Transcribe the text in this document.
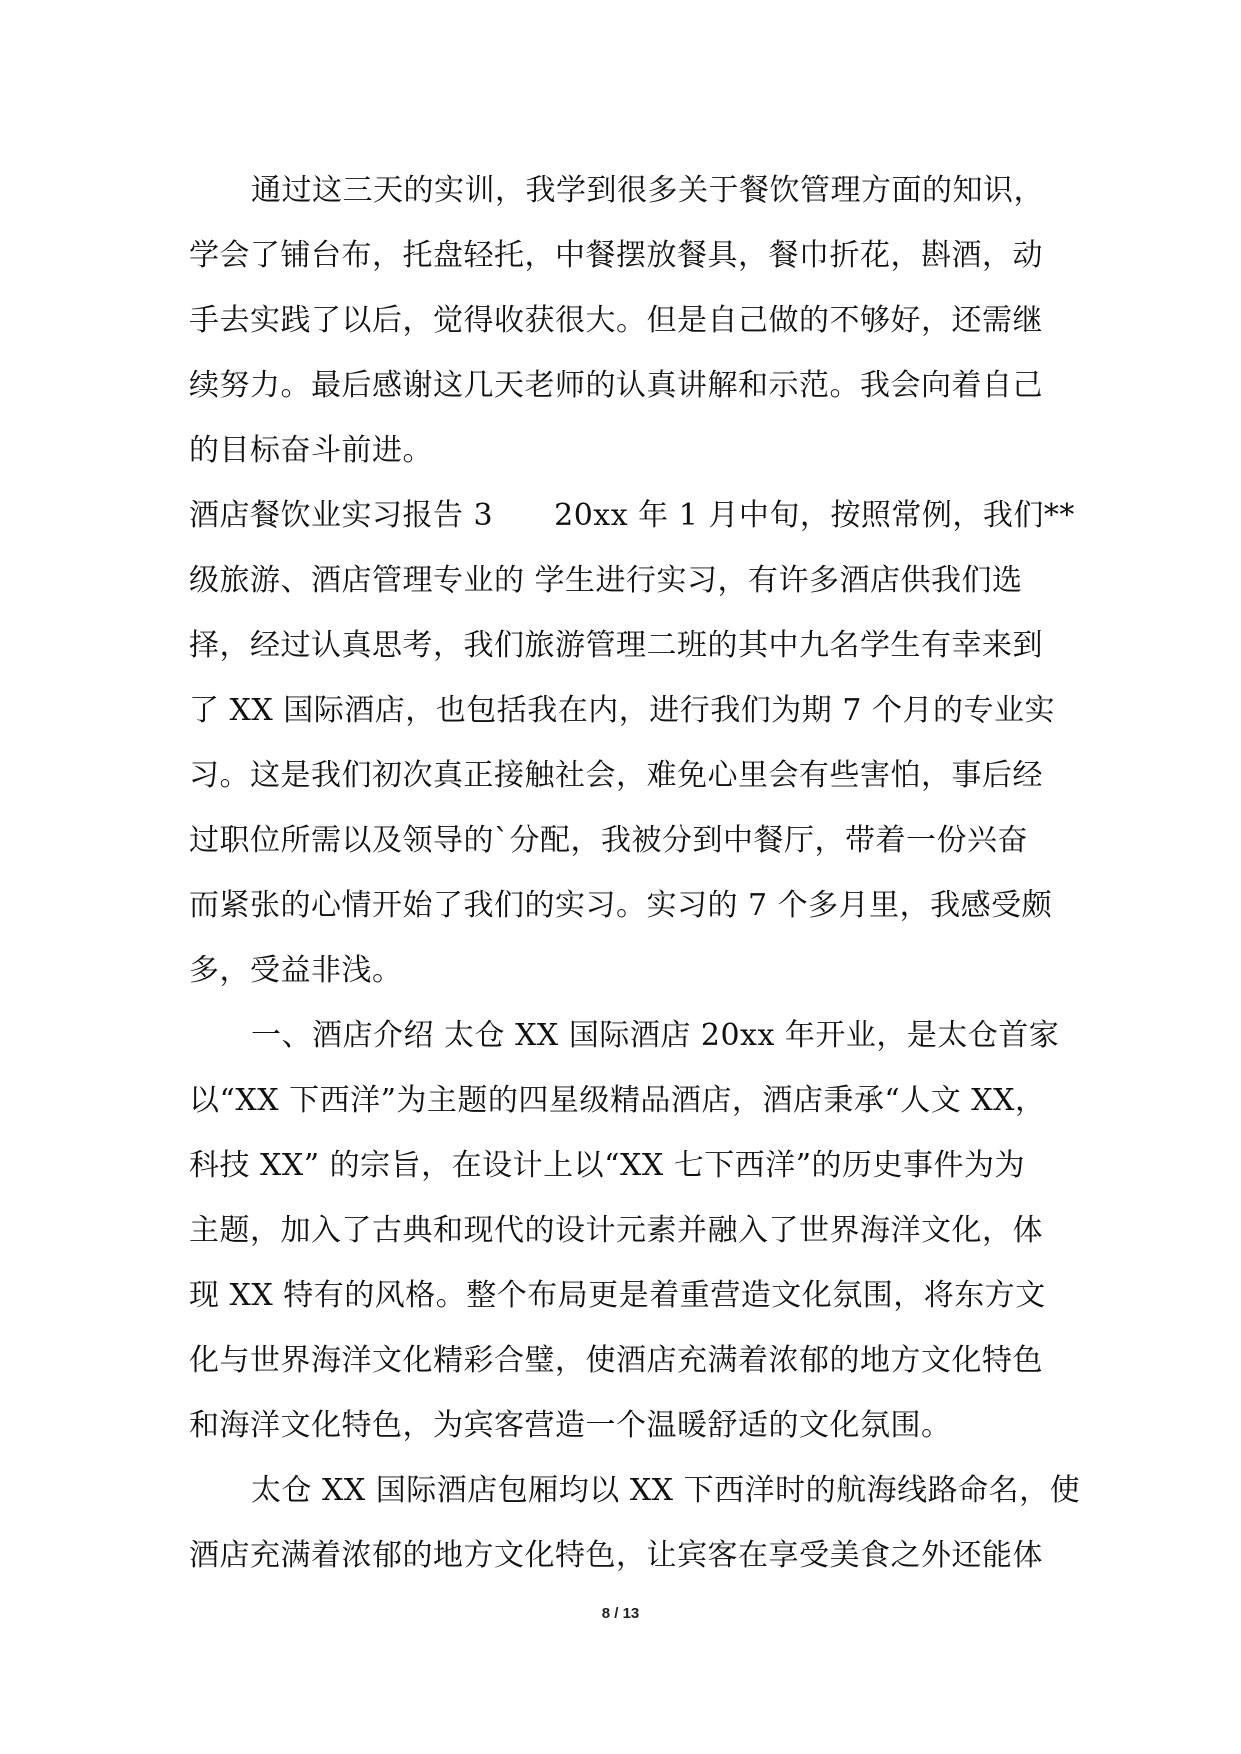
通过这三天的实训，我学到很多关于餐饮管理方面的知识，
学会了铺台布，托盘轻托，中餐摆放餐具，餐巾折花，斟酒，动
手去实践了以后，觉得收获很大。但是自己做的不够好，还需继
续努力。最后感谢这几天老师的认真讲解和示范。我会向着自己
的目标奋斗前进。
酒店餐饮业实习报告 3　　20xx 年 1 月中旬，按照常例，我们**
级旅游、酒店管理专业的 学生进行实习，有许多酒店供我们选
择，经过认真思考，我们旅游管理二班的其中九名学生有幸来到
了 XX 国际酒店，也包括我在内，进行我们为期 7 个月的专业实
习。这是我们初次真正接触社会，难免心里会有些害怕，事后经
过职位所需以及领导的`分配，我被分到中餐厅，带着一份兴奋
而紧张的心情开始了我们的实习。实习的 7 个多月里，我感受颇
多，受益非浅。
一、酒店介绍 太仓 XX 国际酒店 20xx 年开业，是太仓首家
以“XX 下西洋”为主题的四星级精品酒店，酒店秉承“人文 XX，
科技 XX” 的宗旨，在设计上以“XX 七下西洋”的历史事件为为
主题，加入了古典和现代的设计元素并融入了世界海洋文化，体
现 XX 特有的风格。整个布局更是着重营造文化氛围，将东方文
化与世界海洋文化精彩合璧，使酒店充满着浓郁的地方文化特色
和海洋文化特色，为宾客营造一个温暖舒适的文化氛围。
太仓 XX 国际酒店包厢均以 XX 下西洋时的航海线路命名，使
酒店充满着浓郁的地方文化特色，让宾客在享受美食之外还能体
8 / 13
